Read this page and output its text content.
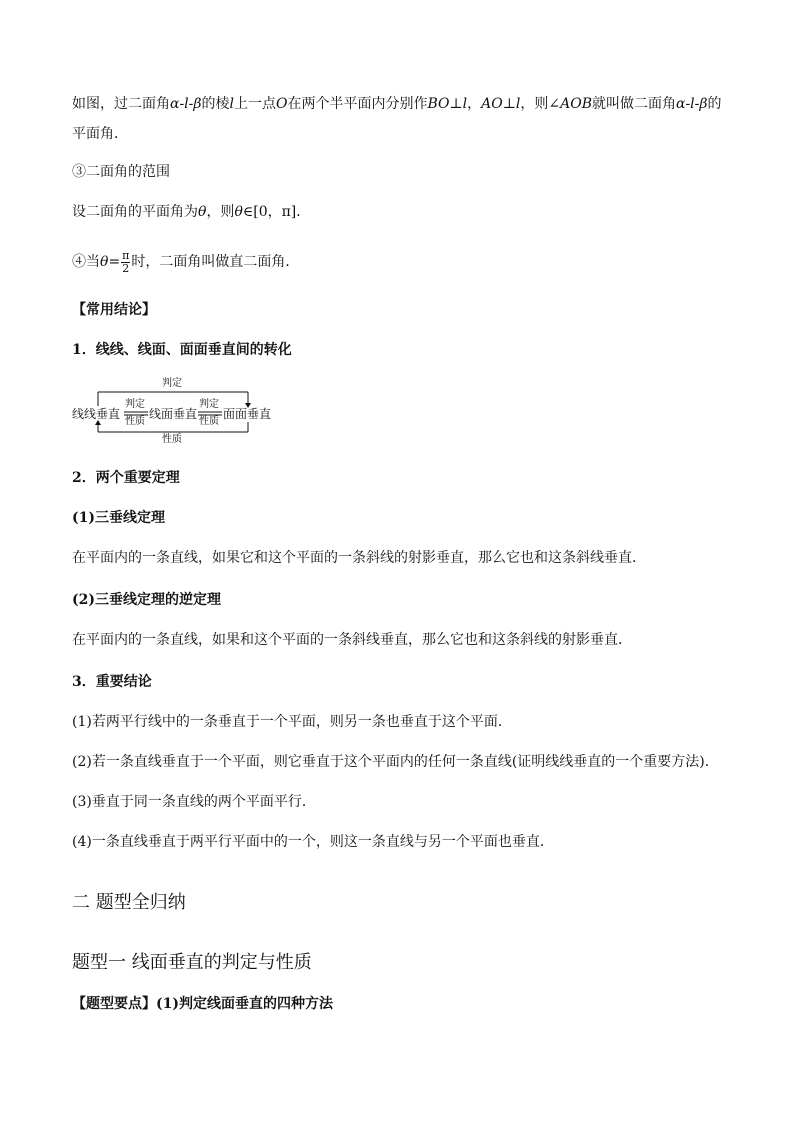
如图，过二面角α-l-β的棱l上一点O在两个半平面内分别作BO⊥l，AO⊥l，则∠AOB就叫做二面角α-l-β的
平面角．
③二面角的范围
设二面角的平面角为θ，则θ∈[0，π]．
④当$\theta= \frac{\pi}{2}$ 时，二面角叫做直二面角．
【常用结论】
1．线线、线面、面面垂直间的转化
判定
性质
线线垂直
判定
性质
线面垂直
判定
性质
面面垂直
2．两个重要定理
(1)三垂线定理
在平面内的一条直线，如果它和这个平面的一条斜线的射影垂直，那么它也和这条斜线垂直．
(2)三垂线定理的逆定理
在平面内的一条直线，如果和这个平面的一条斜线垂直，那么它也和这条斜线的射影垂直．
3．重要结论
(1)若两平行线中的一条垂直于一个平面，则另一条也垂直于这个平面．
(2)若一条直线垂直于一个平面，则它垂直于这个平面内的任何一条直线(证明线线垂直的一个重要方法)．
(3)垂直于同一条直线的两个平面平行．
(4)一条直线垂直于两平行平面中的一个，则这一条直线与另一个平面也垂直．
二 题型全归纳
题型一 线面垂直的判定与性质
【题型要点】(1)判定线面垂直的四种方法
